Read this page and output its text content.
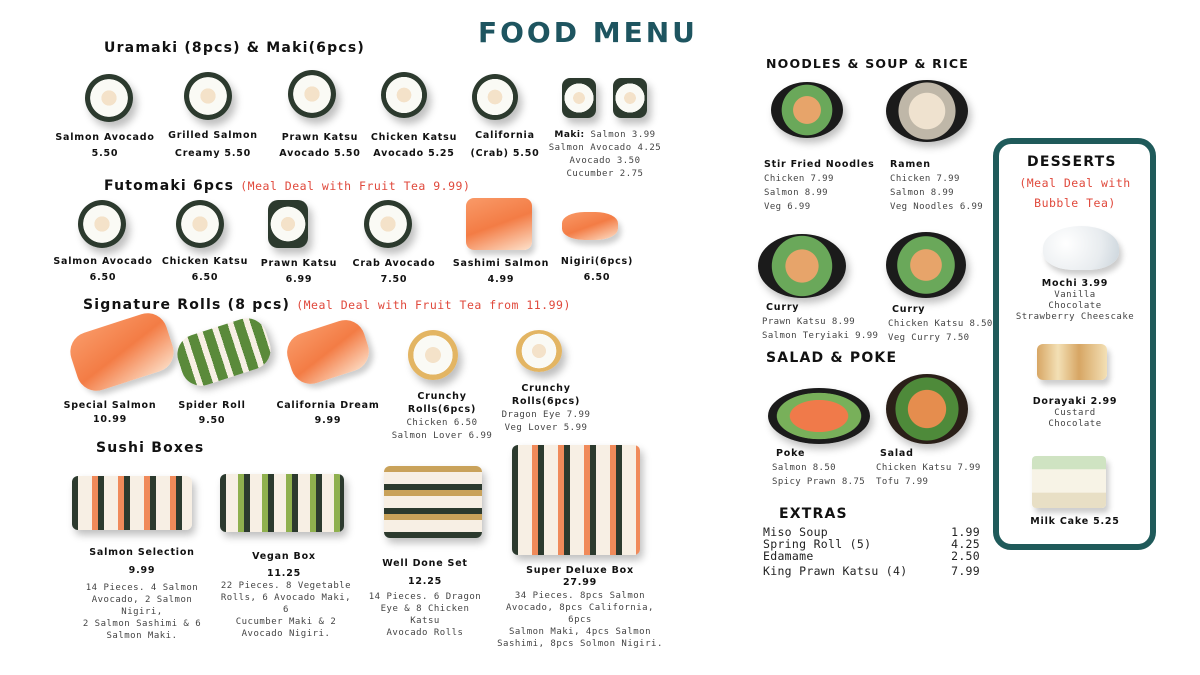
FOOD MENU
Uramaki (8pcs) & Maki(6pcs)
Salmon Avocado
5.50
Grilled Salmon
Creamy 5.50
Prawn Katsu
Avocado 5.50
Chicken Katsu
Avocado 5.25
California
(Crab) 5.50
Maki: Salmon 3.99
Salmon Avocado 4.25
Avocado 3.50
Cucumber 2.75
Futomaki 6pcs (Meal Deal with Fruit Tea 9.99)
Salmon Avocado
6.50
Chicken Katsu
6.50
Prawn Katsu
6.99
Crab Avocado
7.50
Sashimi Salmon
4.99
Nigiri(6pcs)
6.50
Signature Rolls (8 pcs) (Meal Deal with Fruit Tea from 11.99)
Special Salmon
10.99
Spider Roll
9.50
California Dream
9.99
Crunchy
Rolls(6pcs)
Chicken 6.50
Salmon Lover 6.99
Crunchy
Rolls(6pcs)
Dragon Eye 7.99
Veg Lover 5.99
Sushi Boxes
Salmon Selection
9.99
14 Pieces. 4 Salmon
Avocado, 2 Salmon Nigiri,
2 Salmon Sashimi & 6
Salmon Maki.
Vegan Box
11.25
22 Pieces. 8 Vegetable
Rolls, 6 Avocado Maki, 6
Cucumber Maki & 2
Avocado Nigiri.
Well Done Set
12.25
14 Pieces. 6 Dragon
Eye & 8 Chicken Katsu
Avocado Rolls
Super Deluxe Box
27.99
34 Pieces. 8pcs Salmon
Avocado, 8pcs California, 6pcs
Salmon Maki, 4pcs Salmon
Sashimi, 8pcs Solmon Nigiri.
NOODLES & SOUP & RICE
Stir Fried Noodles
Chicken 7.99
Salmon 8.99
Veg 6.99
Ramen
Chicken 7.99
Salmon 8.99
Veg Noodles 6.99
Curry
Prawn Katsu 8.99
Salmon Teryiaki 9.99
Curry
Chicken Katsu 8.50
Veg Curry 7.50
SALAD & POKE
Poke
Salmon 8.50
Spicy Prawn 8.75
Salad
Chicken Katsu 7.99
Tofu 7.99
EXTRAS
Miso Soup	1.99
Spring Roll (5)	4.25
Edamame	2.50
King Prawn Katsu (4)	7.99
DESSERTS
(Meal Deal with
Bubble Tea)
Mochi 3.99
Vanilla
Chocolate
Strawberry Cheescake
Dorayaki 2.99
Custard
Chocolate
Milk Cake 5.25
